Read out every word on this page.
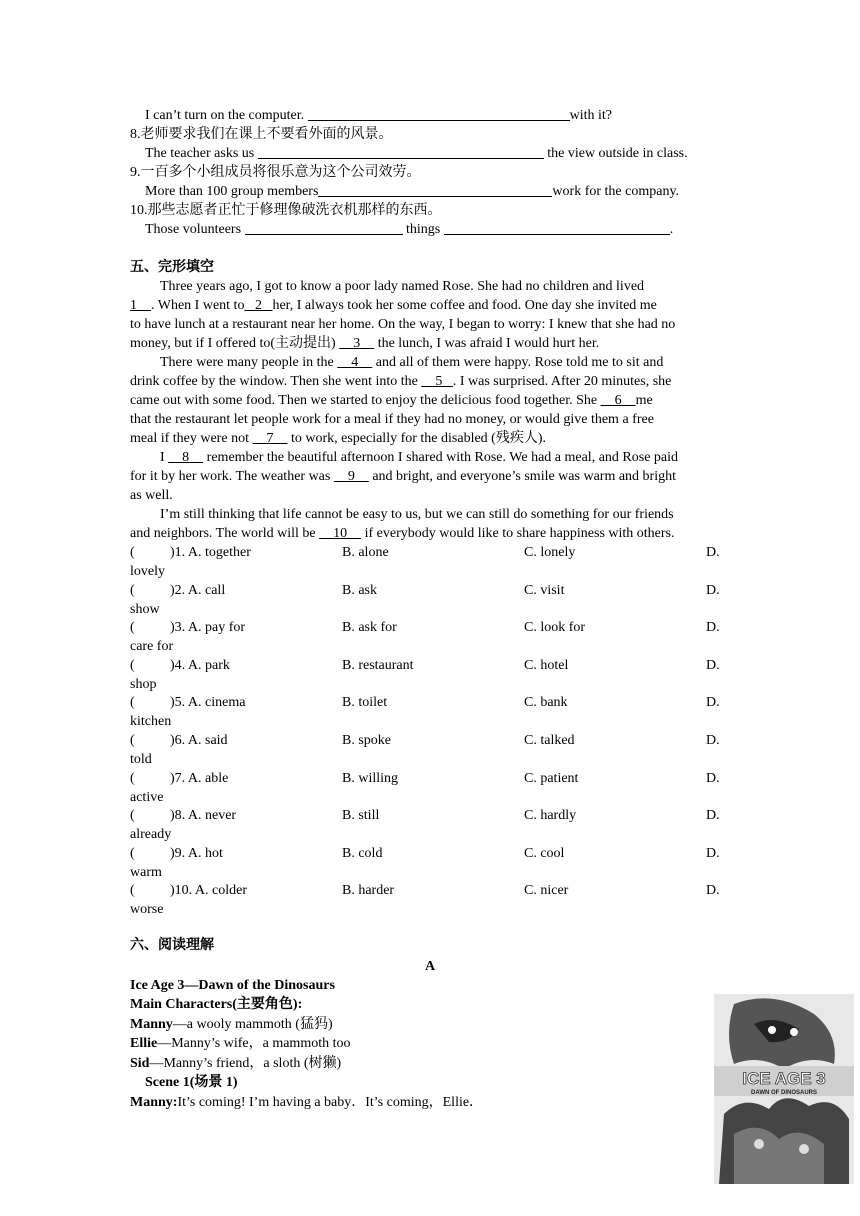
I can’t turn on the computer.	with it?
8.老师要求我们在课上不要看外面的风景。
The teacher asks us	the view outside in class.
9.一百多个小组成员将很乐意为这个公司效劳。
More than 100 group members	work for the company.
10.那些志愿者正忙于修理像破洗衣机那样的东西。
Those volunteers	things	.
五、完形填空
Three years ago, I got to know a poor lady named Rose. She had no children and lived
1 . When I went to 2 her, I always took her some coffee and food. One day she invited me
to have lunch at a restaurant near her home. On the way, I began to worry: I knew that she had no
money, but if I offered to(主动提出) 3 the lunch, I was afraid I would hurt her.
There were many people in the 4 and all of them were happy. Rose told me to sit and
drink coffee by the window. Then she went into the 5 . I was surprised. After 20 minutes, she
came out with some food. Then we started to enjoy the delicious food together. She 6 me
that the restaurant let people work for a meal if they had no money, or would give them a free
meal if they were not 7 to work, especially for the disabled (残疾人).
I 8 remember the beautiful afternoon I shared with Rose. We had a meal, and Rose paid
for it by her work. The weather was 9 and bright, and everyone’s smile was warm and bright
as well.
I’m still thinking that life cannot be easy to us, but we can still do something for our friends
and neighbors. The world will be 10 if everybody would like to share happiness with others.
(	)1. A. together	B. alone	C. lonely	D.
lovely
(	)2. A. call	B. ask	C. visit	D.
show
(	)3. A. pay for	B. ask for	C. look for	D.
care for
(	)4. A. park	B. restaurant	C. hotel	D.
shop
(	)5. A. cinema	B. toilet	C. bank	D.
kitchen
(	)6. A. said	B. spoke	C. talked	D.
told
(	)7. A. able	B. willing	C. patient	D.
active
(	)8. A. never	B. still	C. hardly	D.
already
(	)9. A. hot	B. cold	C. cool	D.
warm
(	)10. A. colder	B. harder	C. nicer	D.
worse
六、阅读理解
A
Ice Age 3—Dawn of the Dinosaurs
Main Characters(主要角色):
Manny—a wooly mammoth (猛犸)
Ellie—Manny’s wife，a mammoth too
Sid—Manny’s friend，a sloth (树獭)
Scene 1(场景 1)
Manny:It’s coming! I’m having a baby．It’s coming，Ellie．
ICE AGE 3
DAWN OF DINOSAURS
